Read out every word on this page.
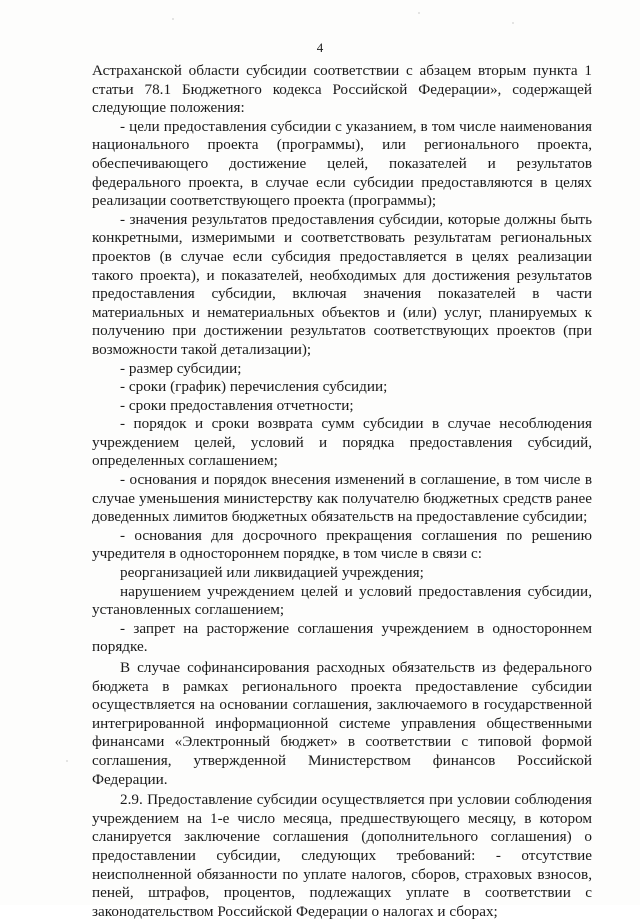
4

Астраханской области субсидии соответствии с абзацем вторым пункта 1 статьи 78.1 Бюджетного кодекса Российской Федерации», содержащей следующие положения:

- цели предоставления субсидии с указанием, в том числе наименования национального проекта (программы), или регионального проекта, обеспечивающего достижение целей, показателей и результатов федерального проекта, в случае если субсидии предоставляются в целях реализации соответствующего проекта (программы);

- значения результатов предоставления субсидии, которые должны быть конкретными, измеримыми и соответствовать результатам региональных проектов (в случае если субсидия предоставляется в целях реализации такого проекта), и показателей, необходимых для достижения результатов предоставления субсидии, включая значения показателей в части материальных и нематериальных объектов и (или) услуг, планируемых к получению при достижении результатов соответствующих проектов (при возможности такой детализации);

- размер субсидии;

- сроки (график) перечисления субсидии;

- сроки предоставления отчетности;

- порядок и сроки возврата сумм субсидии в случае несоблюдения учреждением целей, условий и порядка предоставления субсидий, определенных соглашением;

- основания и порядок внесения изменений в соглашение, в том числе в случае уменьшения министерству как получателю бюджетных средств ранее доведенных лимитов бюджетных обязательств на предоставление субсидии;

- основания для досрочного прекращения соглашения по решению учредителя в одностороннем порядке, в том числе в связи с:

реорганизацией или ликвидацией учреждения;

нарушением учреждением целей и условий предоставления субсидии, установленных соглашением;

- запрет на расторжение соглашения учреждением в одностороннем порядке.

В случае софинансирования расходных обязательств из федерального бюджета в рамках регионального проекта предоставление субсидии осуществляется на основании соглашения, заключаемого в государственной интегрированной информационной системе управления общественными финансами «Электронный бюджет» в соответствии с типовой формой соглашения, утвержденной Министерством финансов Российской Федерации.

2.9. Предоставление субсидии осуществляется при условии соблюдения учреждением на 1-е число месяца, предшествующего месяцу, в котором сланируется заключение соглашения (дополнительного соглашения) о предоставлении субсидии, следующих требований: - отсутствие неисполненной обязанности по уплате налогов, сборов, страховых взносов, пеней, штрафов, процентов, подлежащих уплате в соответствии с законодательством Российской Федерации о налогах и сборах;
